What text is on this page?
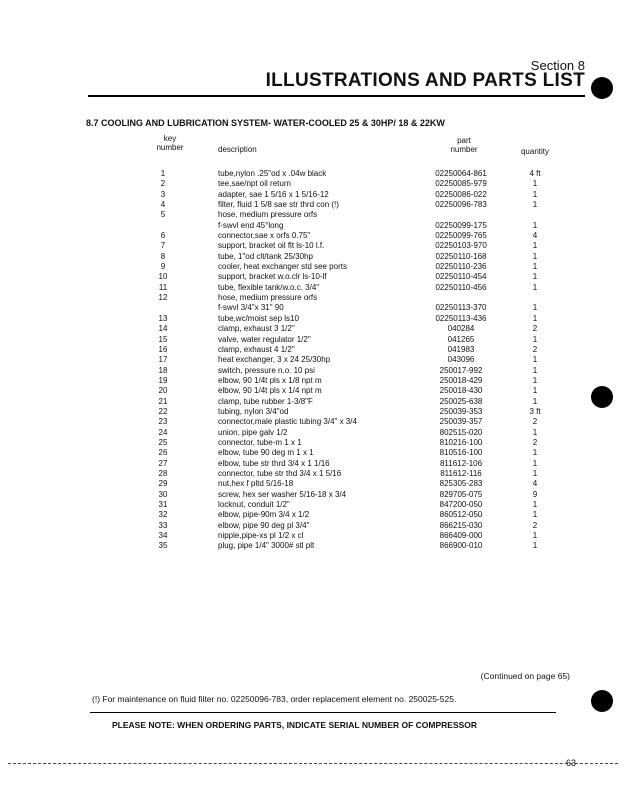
Section 8
ILLUSTRATIONS AND PARTS LIST
8.7 COOLING AND LUBRICATION SYSTEM- WATER-COOLED 25 & 30HP/ 18 & 22KW
key
number	description
part
number	quantity
1	tube,nylon .25"od x .04w black	02250064-861	4 ft
2	tee,sae/npt oil return	02250085-979	1
3	adapter, sae 1 5/16 x 1 5/16-12	02250086-022	1
4	filter, fluid 1 5/8 sae str thrd con (!)	02250096-783	1
5	hose, medium pressure orfs
f-swvl end 45°long	02250099-175	1
6	connector,sae x orfs 0.75"	02250099-765	4
7	support, bracket oil flt ls-10 l.f.	02250103-970	1
8	tube, 1"od clt/tank 25/30hp	02250110-168	1
9	cooler, heat exchanger std see ports	02250110-236	1
10	support, bracket w.o.clr ls-10-lf	02250110-454	1
11	tube, flexible tank/w.o.c. 3/4"	02250110-456	1
12	hose, medium pressure orfs
f-swvl 3/4"x 31" 90	02250113-370	1
13	tube,wc/moist sep ls10	02250113-436	1
14	clamp, exhaust 3 1/2"	040284	2
15	valve, water regulator 1/2"	041265	1
16	clamp, exhaust 4 1/2"	041983	2
17	heat exchanger, 3 x 24 25/30hp	043096	1
18	switch, pressure n.o. 10 psi	250017-992	1
19	elbow, 90 1/4t pls x 1/8 npt m	250018-429	1
20	elbow, 90 1/4t pls x 1/4 npt m	250018-430	1
21	clamp, tube rubber 1-3/8"F	250025-638	1
22	tubing, nylon 3/4"od	250039-353	3 ft
23	connector,male plastic tubing 3/4" x 3/4	250039-357	2
24	union, pipe galv 1/2	802515-020	1
25	connector, tube-m 1 x 1	810216-100	2
26	elbow, tube 90 deg m 1 x 1	810516-100	1
27	elbow, tube str thrd 3/4 x 1 1/16	811612-106	1
28	connector, tube str thd 3/4 x 1 5/16	811612-116	1
29	nut,hex f pltd 5/16-18	825305-283	4
30	screw, hex ser washer 5/16-18 x 3/4	829705-075	9
31	locknut, conduit 1/2"	847200-050	1
32	elbow, pipe-90m 3/4 x 1/2	860512-050	1
33	elbow, pipe 90 deg pl 3/4"	866215-030	2
34	nipple,pipe-xs pl 1/2 x cl	866409-000	1
35	plug, pipe 1/4" 3000# stl plt	866900-010	1
(Continued on page 65)
(!) For maintenance on fluid filter no. 02250096-783, order replacement element no. 250025-525.
PLEASE NOTE: WHEN ORDERING PARTS, INDICATE SERIAL NUMBER OF COMPRESSOR
63
